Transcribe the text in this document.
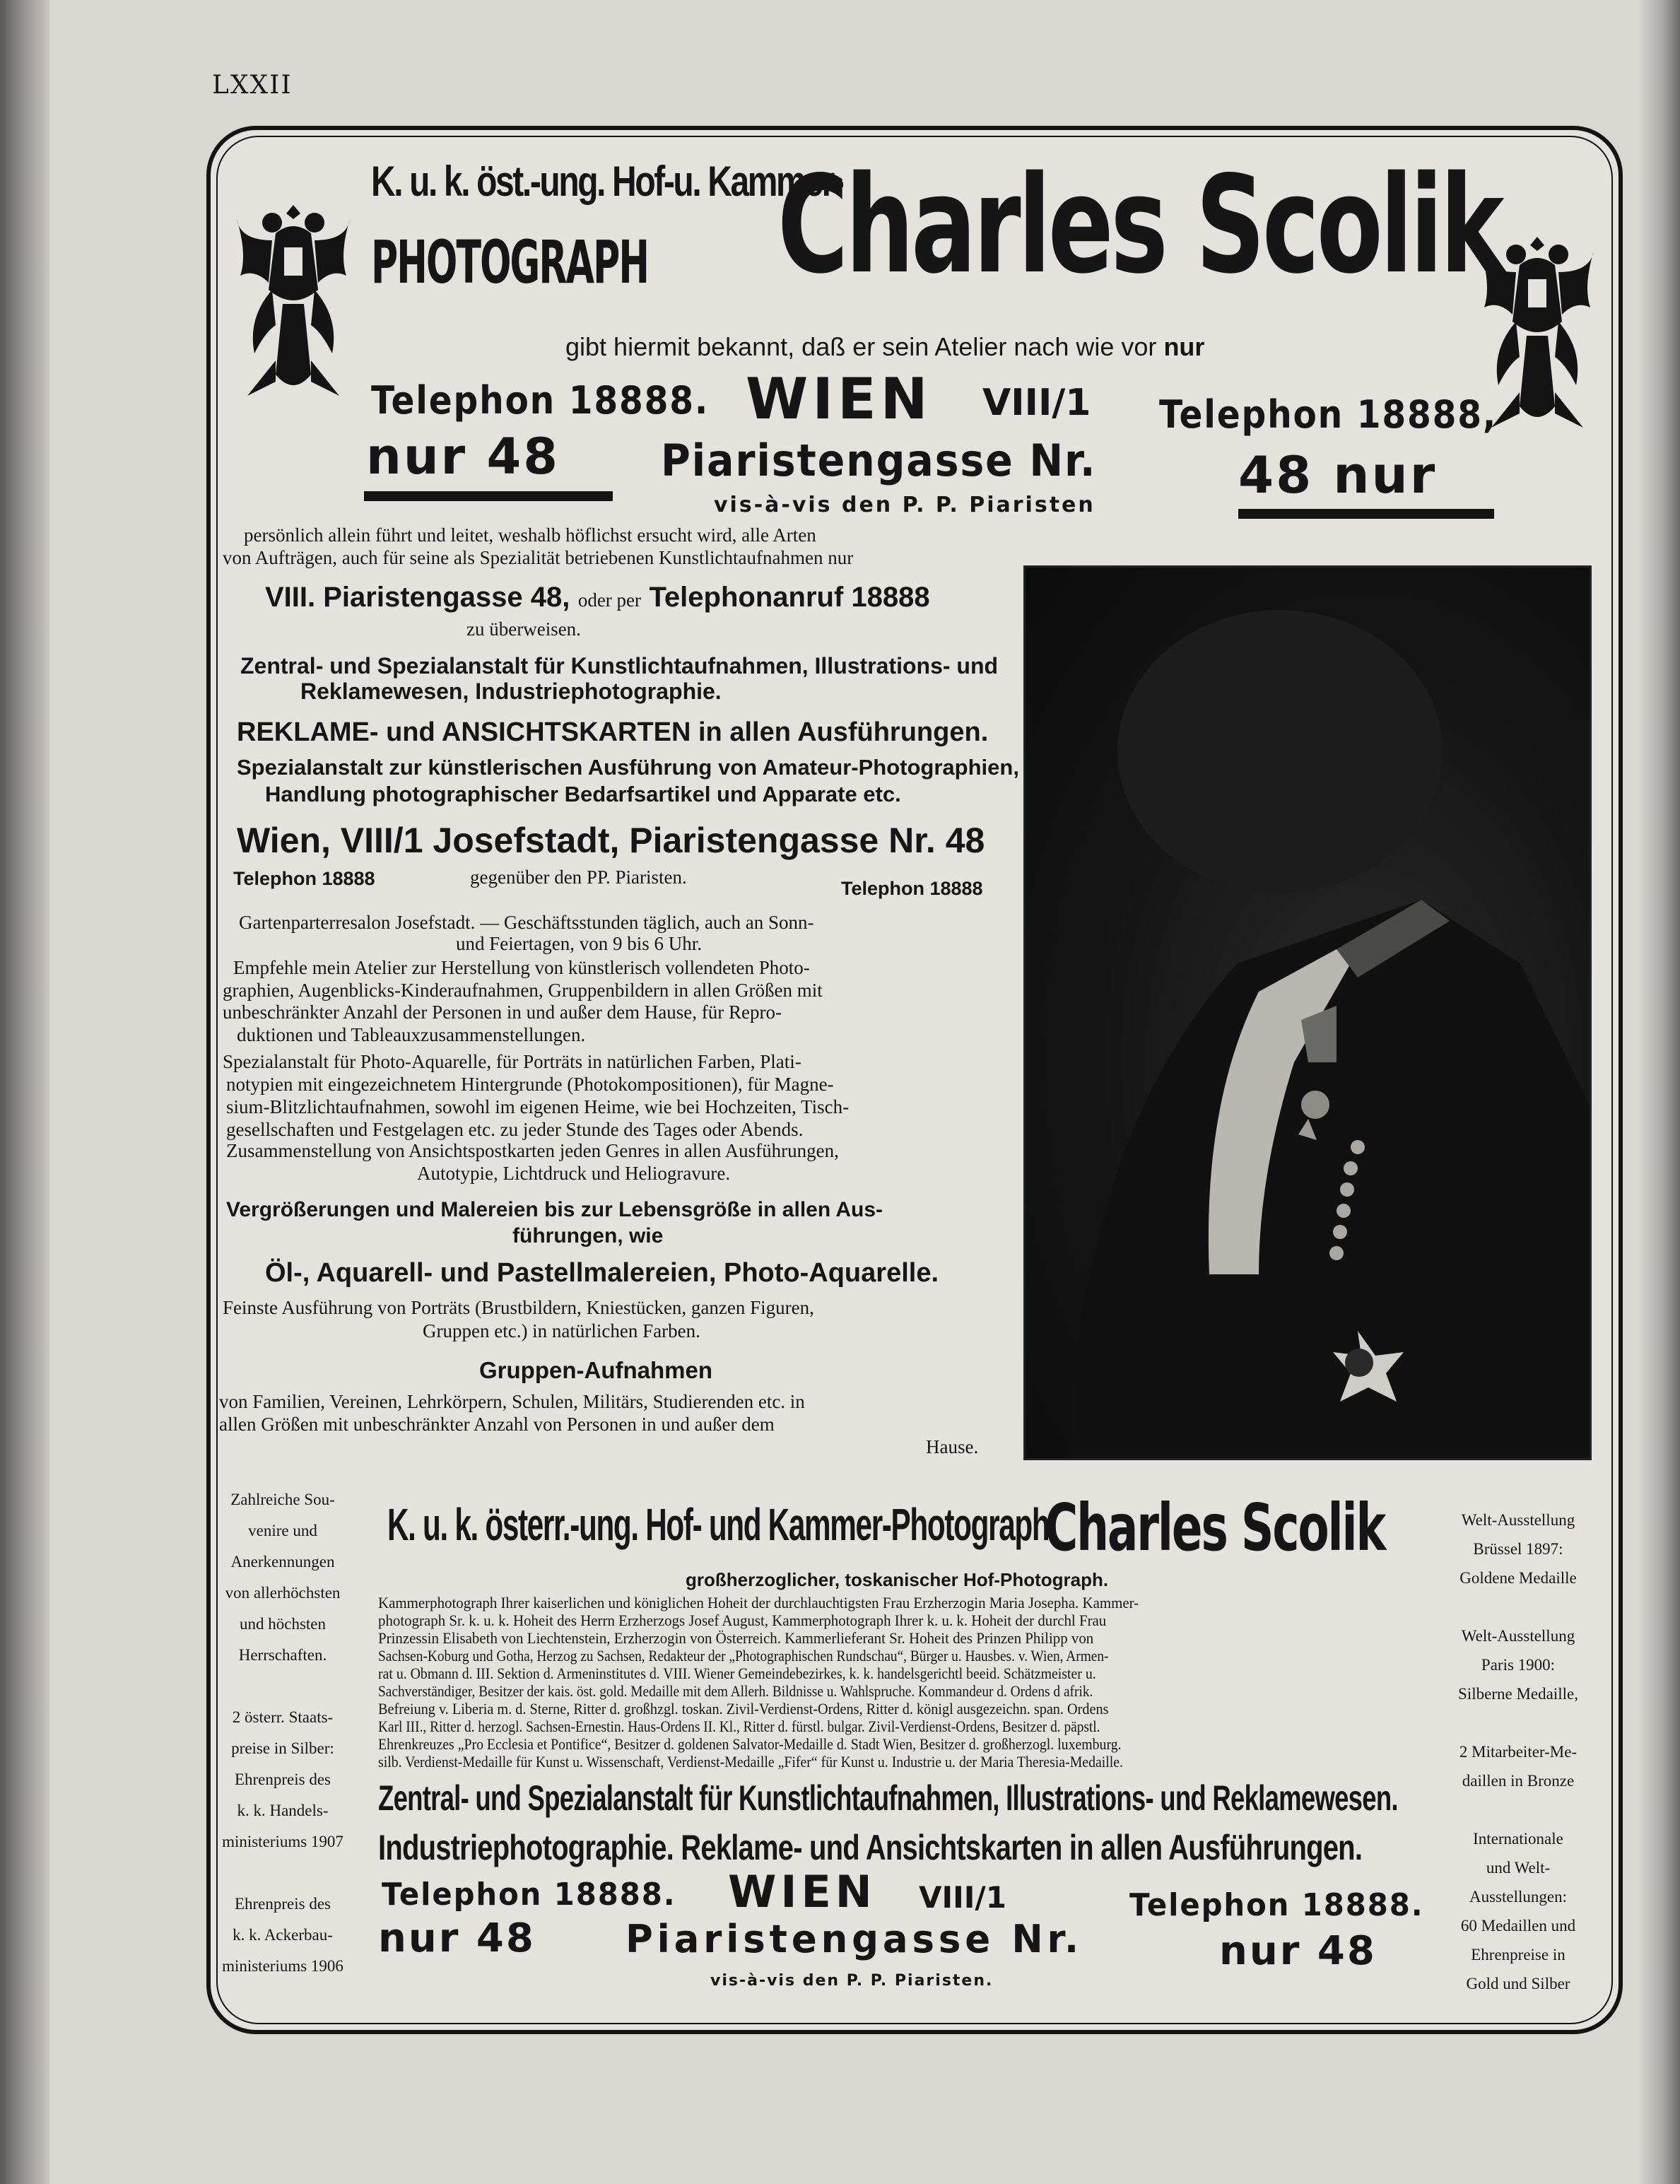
LXXII
K. u. k. öst.-ung. Hof-u. Kammer-
PHOTOGRAPH Charles Scolik
gibt hiermit bekannt, daß er sein Atelier nach wie vor nur
Telephon 18888. WIEN VIII/1 Telephon 18888,
nur 48 Piaristengasse Nr.
vis-à-vis den P. P. Piaristen
48 nur
persönlich allein führt und leitet, weshalb höflichst ersucht wird, alle Arten
von Aufträgen, auch für seine als Spezialität betriebenen Kunstlichtaufnahmen nur
VIII. Piaristengasse 48, oder per Telephonanruf 18888
zu überweisen.
Zentral- und Spezialanstalt für Kunstlichtaufnahmen, Illustrations- und
Reklamewesen, Industriephotographie.
REKLAME- und ANSICHTSKARTEN in allen Ausführungen.
Spezialanstalt zur künstlerischen Ausführung von Amateur-Photographien,
Handlung photographischer Bedarfsartikel und Apparate etc.
Wien, VIII/1 Josefstadt, Piaristengasse Nr. 48
Telephon 18888	gegenüber den PP. Piaristen.
Telephon 18888
Gartenparterresalon Josefstadt. — Geschäftsstunden täglich, auch an Sonn-
und Feiertagen, von 9 bis 6 Uhr.
Empfehle mein Atelier zur Herstellung von künstlerisch vollendeten Photo-
graphien, Augenblicks-Kinderaufnahmen, Gruppenbildern in allen Größen mit
unbeschränkter Anzahl der Personen in und außer dem Hause, für Repro-
duktionen und Tableauxzusammenstellungen.
Spezialanstalt für Photo-Aquarelle, für Porträts in natürlichen Farben, Plati-
notypien mit eingezeichnetem Hintergrunde (Photokompositionen), für Magne-
sium-Blitzlichtaufnahmen, sowohl im eigenen Heime, wie bei Hochzeiten, Tisch-
gesellschaften und Festgelagen etc. zu jeder Stunde des Tages oder Abends.
Zusammenstellung von Ansichtspostkarten jeden Genres in allen Ausführungen,
Autotypie, Lichtdruck und Heliogravure.
Vergrößerungen und Malereien bis zur Lebensgröße in allen Aus-
führungen, wie
Öl-, Aquarell- und Pastellmalereien, Photo-Aquarelle.
Feinste Ausführung von Porträts (Brustbildern, Kniestücken, ganzen Figuren,
Gruppen etc.) in natürlichen Farben.
Gruppen-Aufnahmen
von Familien, Vereinen, Lehrkörpern, Schulen, Militärs, Studierenden etc. in
allen Größen mit unbeschränkter Anzahl von Personen in und außer dem
Hause.
K. u. k. österr.-ung. Hof- und Kammer-Photograph
Charles Scolik
großherzoglicher, toskanischer Hof-Photograph.
Kammerphotograph Ihrer kaiserlichen und königlichen Hoheit der durchlauchtigsten Frau Erzherzogin Maria Josepha. Kammer-
photograph Sr. k. u. k. Hoheit des Herrn Erzherzogs Josef August, Kammerphotograph Ihrer k. u. k. Hoheit der durchl Frau
Prinzessin Elisabeth von Liechtenstein, Erzherzogin von Österreich. Kammerlieferant Sr. Hoheit des Prinzen Philipp von
Sachsen-Koburg und Gotha, Herzog zu Sachsen, Redakteur der „Photographischen Rundschau“, Bürger u. Hausbes. v. Wien, Armen-
rat u. Obmann d. III. Sektion d. Armeninstitutes d. VIII. Wiener Gemeindebezirkes, k. k. handelsgerichtl beeid. Schätzmeister u.
Sachverständiger, Besitzer der kais. öst. gold. Medaille mit dem Allerh. Bildnisse u. Wahlspruche. Kommandeur d. Ordens d afrik.
Befreiung v. Liberia m. d. Sterne, Ritter d. großhzgl. toskan. Zivil-Verdienst-Ordens, Ritter d. königl ausgezeichn. span. Ordens
Karl III., Ritter d. herzogl. Sachsen-Ernestin. Haus-Ordens II. Kl., Ritter d. fürstl. bulgar. Zivil-Verdienst-Ordens, Besitzer d. päpstl.
Ehrenkreuzes „Pro Ecclesia et Pontifice“, Besitzer d. goldenen Salvator-Medaille d. Stadt Wien, Besitzer d. großherzogl. luxemburg.
silb. Verdienst-Medaille für Kunst u. Wissenschaft, Verdienst-Medaille „Fifer“ für Kunst u. Industrie u. der Maria Theresia-Medaille.
Zentral- und Spezialanstalt für Kunstlichtaufnahmen, Illustrations- und Reklamewesen.
Industriephotographie. Reklame- und Ansichtskarten in allen Ausführungen.
Telephon 18888. WIEN VIII/1	Telephon 18888.
nur 48 Piaristengasse Nr.	nur 48
vis-à-vis den P. P. Piaristen.
Zahlreiche Sou-
venire und
Anerkennungen
von allerhöchsten
und höchsten
Herrschaften.

2 österr. Staats-
preise in Silber:
Ehrenpreis des
k. k. Handels-
ministeriums 1907

Ehrenpreis des
k. k. Ackerbau-
ministeriums 1906
Welt-Ausstellung
Brüssel 1897:
Goldene Medaille

Welt-Ausstellung
Paris 1900:
Silberne Medaille,

2 Mitarbeiter-Me-
daillen in Bronze

Internationale
und Welt-
Ausstellungen:
60 Medaillen und
Ehrenpreise in
Gold und Silber
